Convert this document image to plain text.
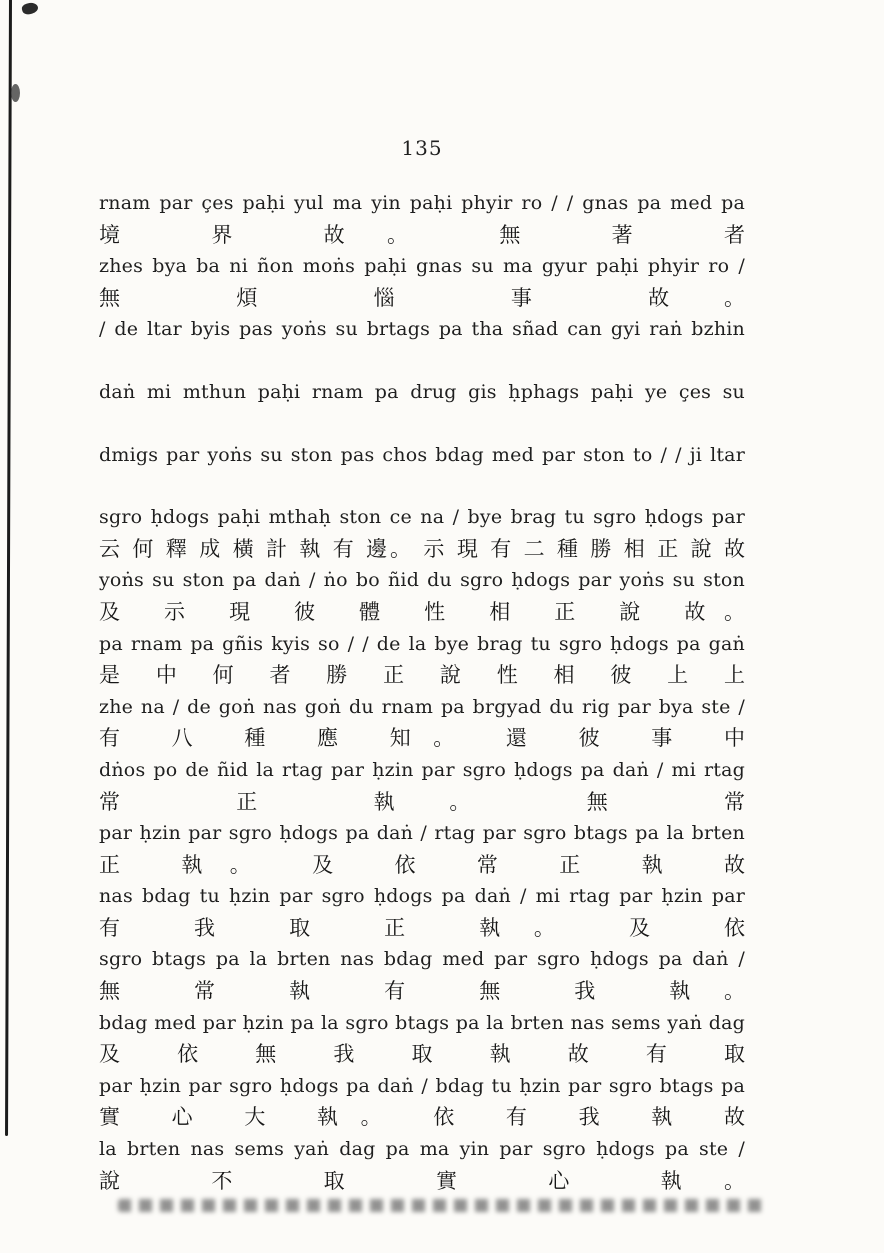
135
rnam par çes paḥi yul ma yin paḥi phyir ro / / gnas pa med pa
境 界 故。 無 著 者
zhes bya ba ni ñon moṅs paḥi gnas su ma gyur paḥi phyir ro /
無 煩 惱 事 故。
/ de ltar byis pas yoṅs su brtags pa tha sñad can gyi raṅ bzhin
daṅ mi mthun paḥi rnam pa drug gis ḥphags paḥi ye çes su
dmigs par yoṅs su ston pas chos bdag med par ston to / / ji ltar
sgro ḥdogs paḥi mthaḥ ston ce na / bye brag tu sgro ḥdogs par
云 何 釋 成 橫 計 執 有 邊。 示 現 有 二 種 勝 相 正 說 故
yoṅs su ston pa daṅ / ṅo bo ñid du sgro ḥdogs par yoṅs su ston
及 示 現 彼 體 性 相 正 說 故。
pa rnam pa gñis kyis so / / de la bye brag tu sgro ḥdogs pa gaṅ
是 中 何 者 勝 正 說 性 相 彼 上 上
zhe na / de goṅ nas goṅ du rnam pa brgyad du rig par bya ste /
有 八 種 應 知。 還 彼 事 中
dṅos po de ñid la rtag par ḥzin par sgro ḥdogs pa daṅ / mi rtag
常 正 執。 無 常
par ḥzin par sgro ḥdogs pa daṅ / rtag par sgro btags pa la brten
正 執。 及 依 常 正 執 故
nas bdag tu ḥzin par sgro ḥdogs pa daṅ / mi rtag par ḥzin par
有 我 取 正 執。 及 依
sgro btags pa la brten nas bdag med par sgro ḥdogs pa daṅ /
無 常 執 有 無 我 執。
bdag med par ḥzin pa la sgro btags pa la brten nas sems yaṅ dag
及 依 無 我 取 執 故 有 取
par ḥzin par sgro ḥdogs pa daṅ / bdag tu ḥzin par sgro btags pa
實 心 大 執。 依 有 我 執 故
la brten nas sems yaṅ dag pa ma yin par sgro ḥdogs pa ste /
說 不 取 實 心 執。
